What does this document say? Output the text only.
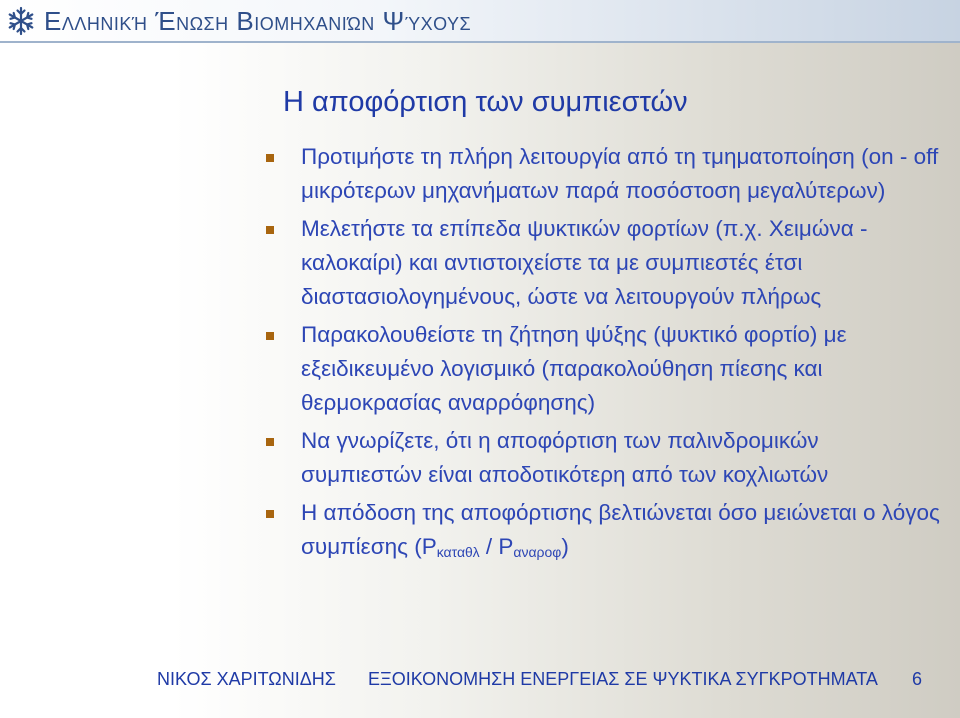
Ελληνική Ένωση Βιομηχανιών Ψύχους
Η αποφόρτιση των συμπιεστών
Προτιμήστε τη πλήρη λειτουργία από τη τμηματοποίηση (on - off μικρότερων μηχανήματων παρά ποσόστοση μεγαλύτερων)
Μελετήστε τα επίπεδα ψυκτικών φορτίων (π.χ. Χειμώνα - καλοκαίρι) και αντιστοιχείστε τα με συμπιεστές έτσι διαστασιολογημένους, ώστε να λειτουργούν πλήρως
Παρακολουθείστε τη ζήτηση ψύξης (ψυκτικό φορτίο) με εξειδικευμένο λογισμικό (παρακολούθηση πίεσης και θερμοκρασίας αναρρόφησης)
Να γνωρίζετε, ότι η αποφόρτιση των παλινδρομικών συμπιεστών είναι αποδοτικότερη από των κοχλιωτών
Η απόδοση της αποφόρτισης βελτιώνεται όσο μειώνεται ο λόγος συμπίεσης $(P_{\kappa\alpha\tau\alpha\theta\lambda} / P_{\alpha\nu\alpha\rho o\varphi})$
ΝΙΚΟΣ ΧΑΡΙΤΩΝΙΔΗΣ ΕΞΟΙΚΟΝΟΜΗΣΗ ΕΝΕΡΓΕΙΑΣ ΣΕ ΨΥΚΤΙΚΑ ΣΥΓΚΡΟΤΗΜΑΤΑ 6
